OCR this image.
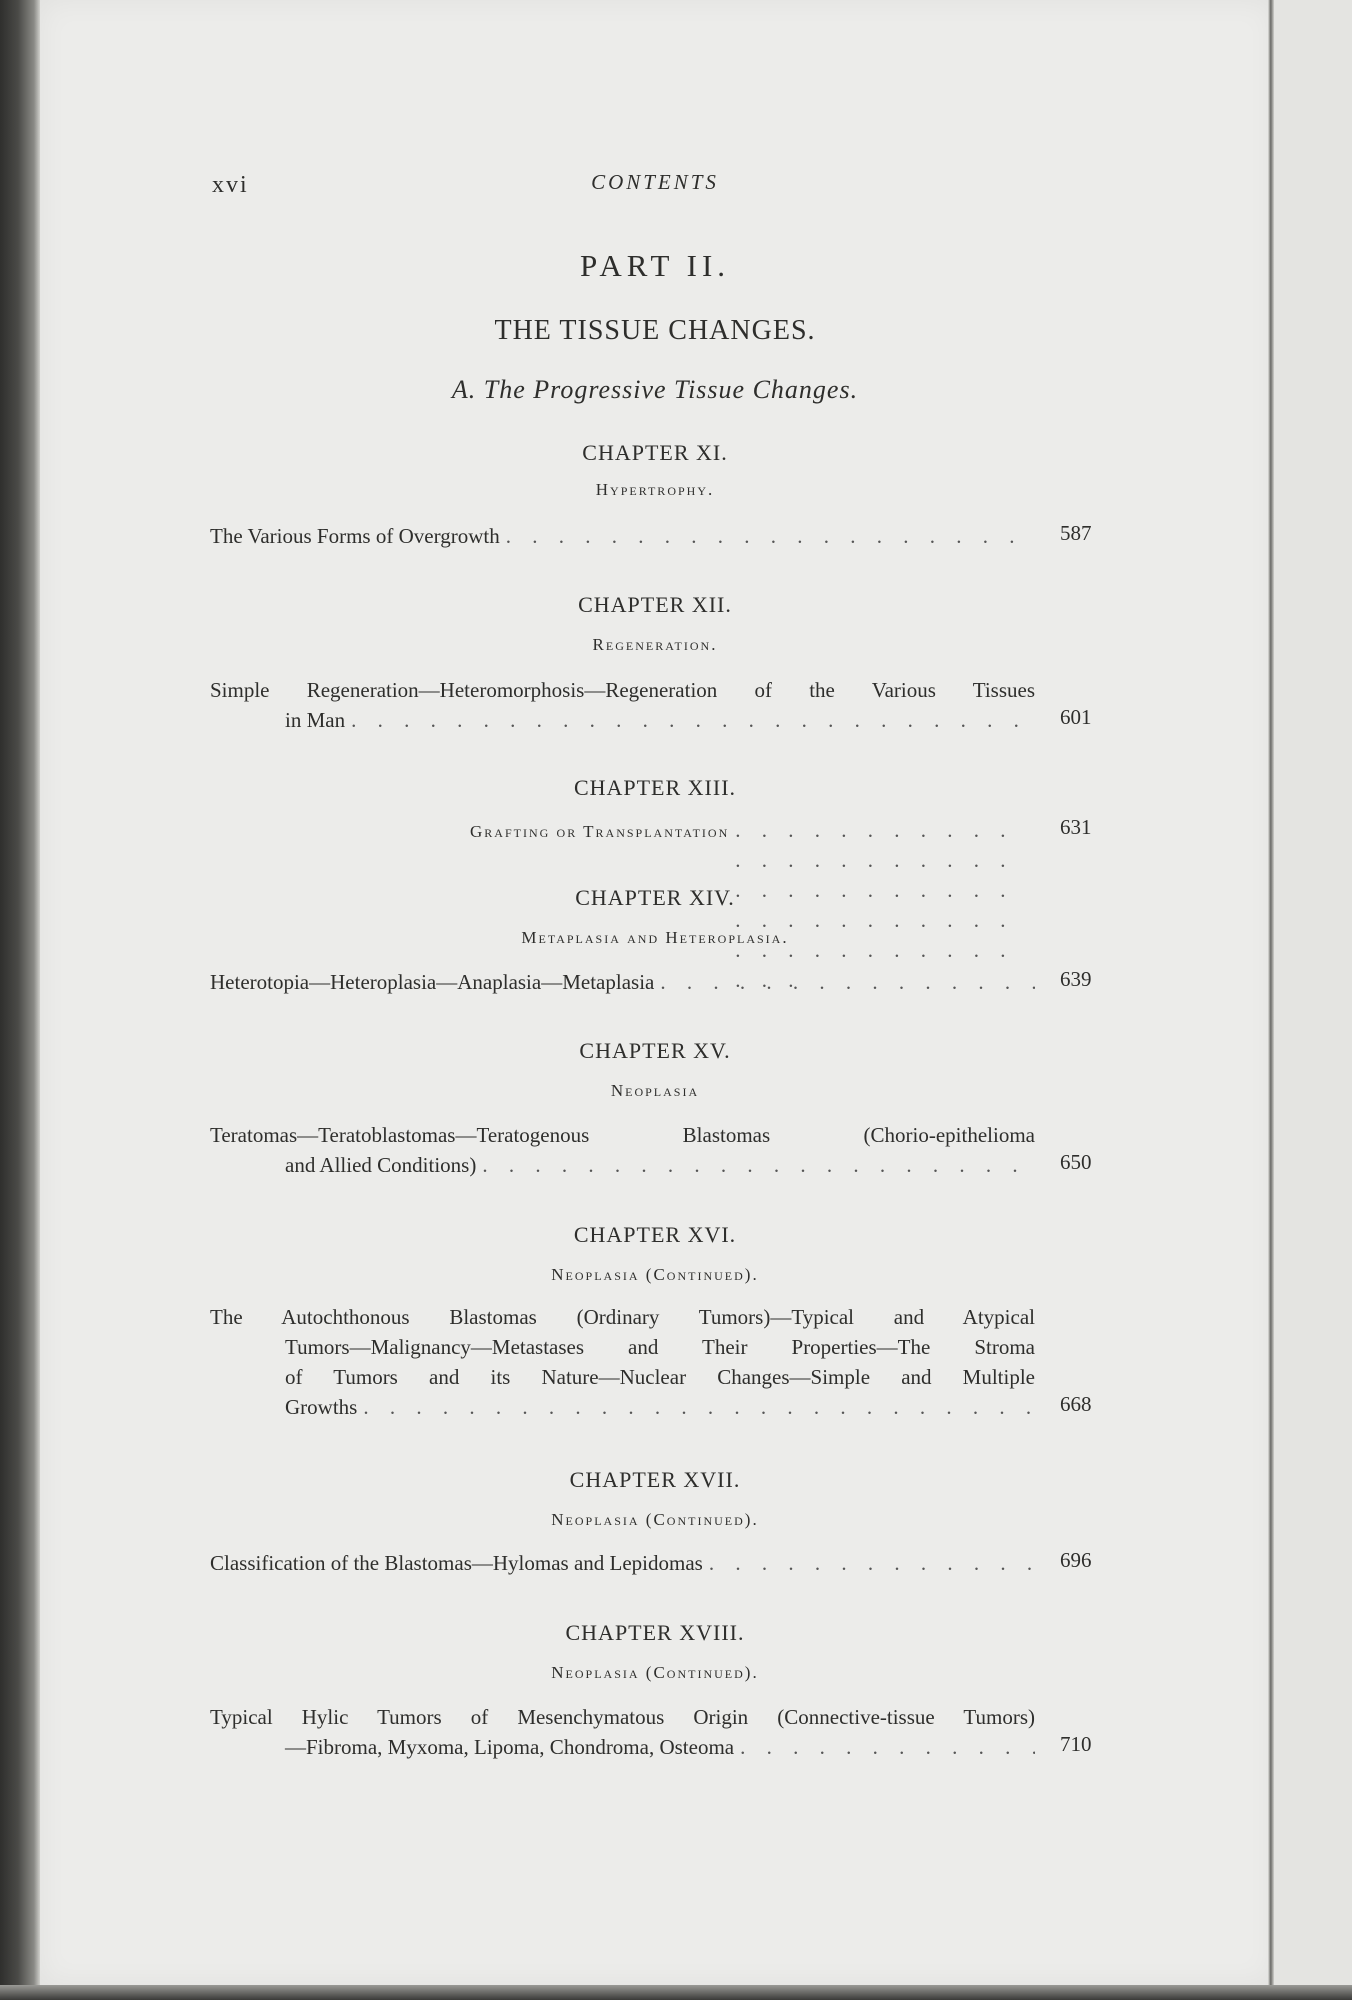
xvi	CONTENTS
PART II.
THE TISSUE CHANGES.
A. The Progressive Tissue Changes.
CHAPTER XI.
Hypertrophy.
The Various Forms of Overgrowth . . .	587
CHAPTER XII.
Regeneration.
Simple Regeneration—Heteromorphosis—Regeneration of the Various Tissues
in Man . . .	601
CHAPTER XIII.
Grafting or Transplantation . . .	631
CHAPTER XIV.
Metaplasia and Heteroplasia.
Heterotopia—Heteroplasia—Anaplasia—Metaplasia . . .	639
CHAPTER XV.
Neoplasia
Teratomas—Teratoblastomas—Teratogenous Blastomas (Chorio-epithelioma
and Allied Conditions) . . .	650
CHAPTER XVI.
Neoplasia (Continued).
The Autochthonous Blastomas (Ordinary Tumors)—Typical and Atypical
Tumors—Malignancy—Metastases and Their Properties—The Stroma
of Tumors and its Nature—Nuclear Changes—Simple and Multiple
Growths . . .	668
CHAPTER XVII.
Neoplasia (Continued).
Classification of the Blastomas—Hylomas and Lepidomas . . .	696
CHAPTER XVIII.
Neoplasia (Continued).
Typical Hylic Tumors of Mesenchymatous Origin (Connective-tissue Tumors)
—Fibroma, Myxoma, Lipoma, Chondroma, Osteoma . . .	710
